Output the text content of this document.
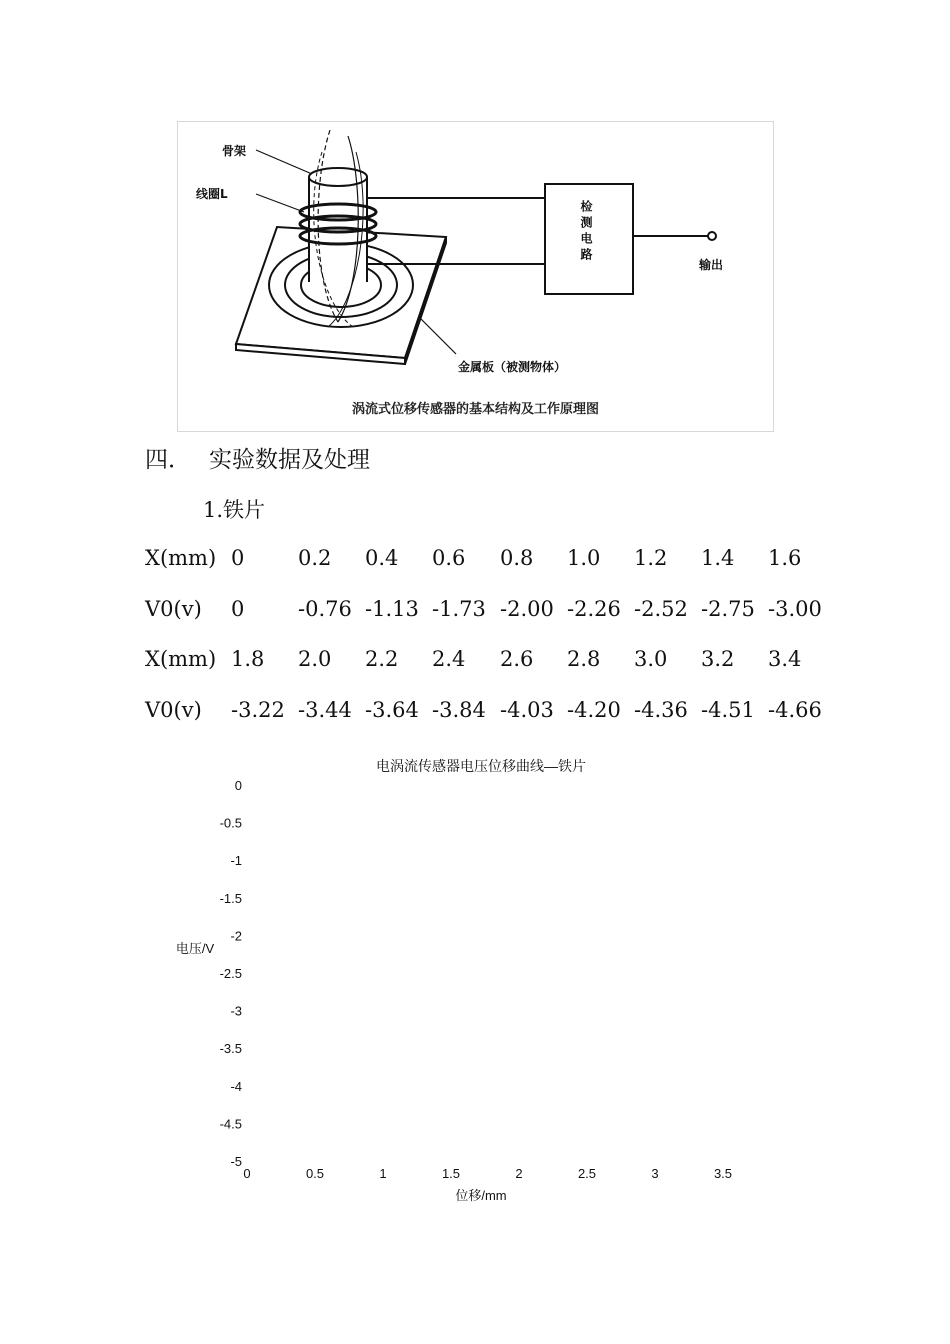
骨架
线圈L
检测电路
输出
金属板（被测物体）
涡流式位移传感器的基本结构及工作原理图
四． 实验数据及处理
1.铁片
X(mm) 0	0.2 0.4 0.6 0.8 1.0 1.2 1.4 1.6
V0(v) 0	-0.76 -1.13 -1.73 -2.00 -2.26 -2.52 -2.75 -3.00
X(mm) 1.8 2.0 2.2 2.4 2.6 2.8 3.0 3.2 3.4
V0(v) -3.22 -3.44 -3.64 -3.84 -4.03 -4.20 -4.36 -4.51 -4.66
电涡流传感器电压位移曲线—铁片
电压/V
位移/mm
0
-0.5
-1
-1.5
-2
-2.5
-3
-3.5
-4
-4.5
-5
0	0.5	1	1.5	2	2.5	3	3.5
